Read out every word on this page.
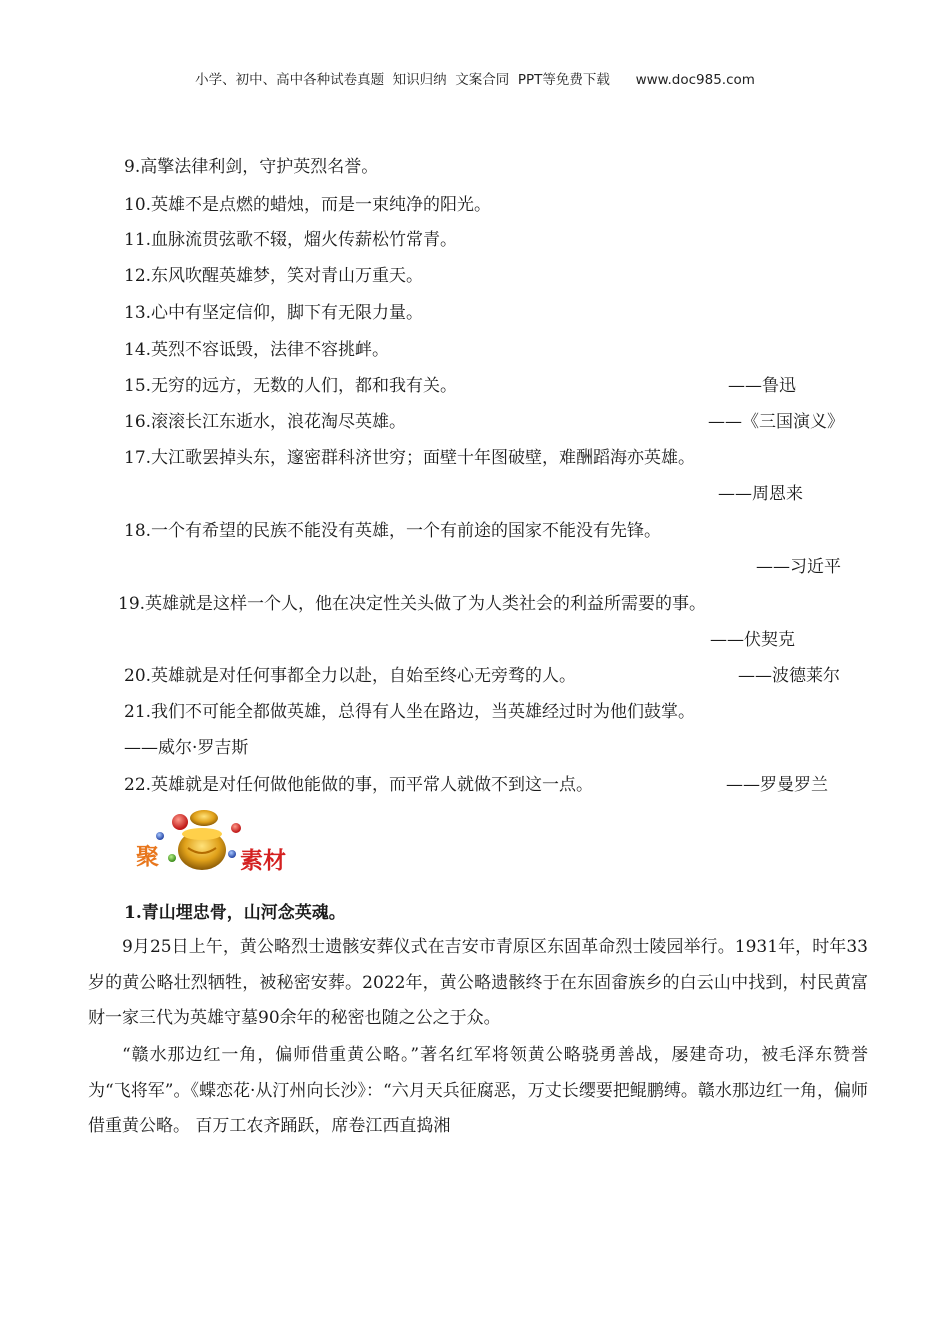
小学、初中、高中各种试卷真题  知识归纳  文案合同  PPT等免费下载      www.doc985.com
9.高擎法律利剑，守护英烈名誉。
10.英雄不是点燃的蜡烛，而是一束纯净的阳光。
11.血脉流贯弦歌不辍，熘火传薪松竹常青。
12.东风吹醒英雄梦，笑对青山万重天。
13.心中有坚定信仰，脚下有无限力量。
14.英烈不容诋毁，法律不容挑衅。
15.无穷的远方，无数的人们，都和我有关。	——鲁迅
16.滚滚长江东逝水，浪花淘尽英雄。	——《三国演义》
17.大江歌罢掉头东，邃密群科济世穷；面壁十年图破壁，难酬蹈海亦英雄。
——周恩来
18.一个有希望的民族不能没有英雄，一个有前途的国家不能没有先锋。
——习近平
19.英雄就是这样一个人，他在决定性关头做了为人类社会的利益所需要的事。
——伏契克
20.英雄就是对任何事都全力以赴，自始至终心无旁骛的人。	——波德莱尔
21.我们不可能全都做英雄，总得有人坐在路边，当英雄经过时为他们鼓掌。
——威尔·罗吉斯
22.英雄就是对任何做他能做的事，而平常人就做不到这一点。	——罗曼罗兰
聚	素材
1.青山埋忠骨，山河念英魂。
9月25日上午，黄公略烈士遗骸安葬仪式在吉安市青原区东固革命烈士陵园举行。1931年，时年33岁的黄公略壮烈牺牲，被秘密安葬。2022年，黄公略遗骸终于在东固畲族乡的白云山中找到，村民黄富财一家三代为英雄守墓90余年的秘密也随之公之于众。
“赣水那边红一角，偏师借重黄公略。”著名红军将领黄公略骁勇善战，屡建奇功，被毛泽东赞誉为“飞将军”。《蝶恋花·从汀州向长沙》：“六月天兵征腐恶，万丈长缨要把鲲鹏缚。赣水那边红一角，偏师借重黄公略。 百万工农齐踊跃，席卷江西直捣湘
